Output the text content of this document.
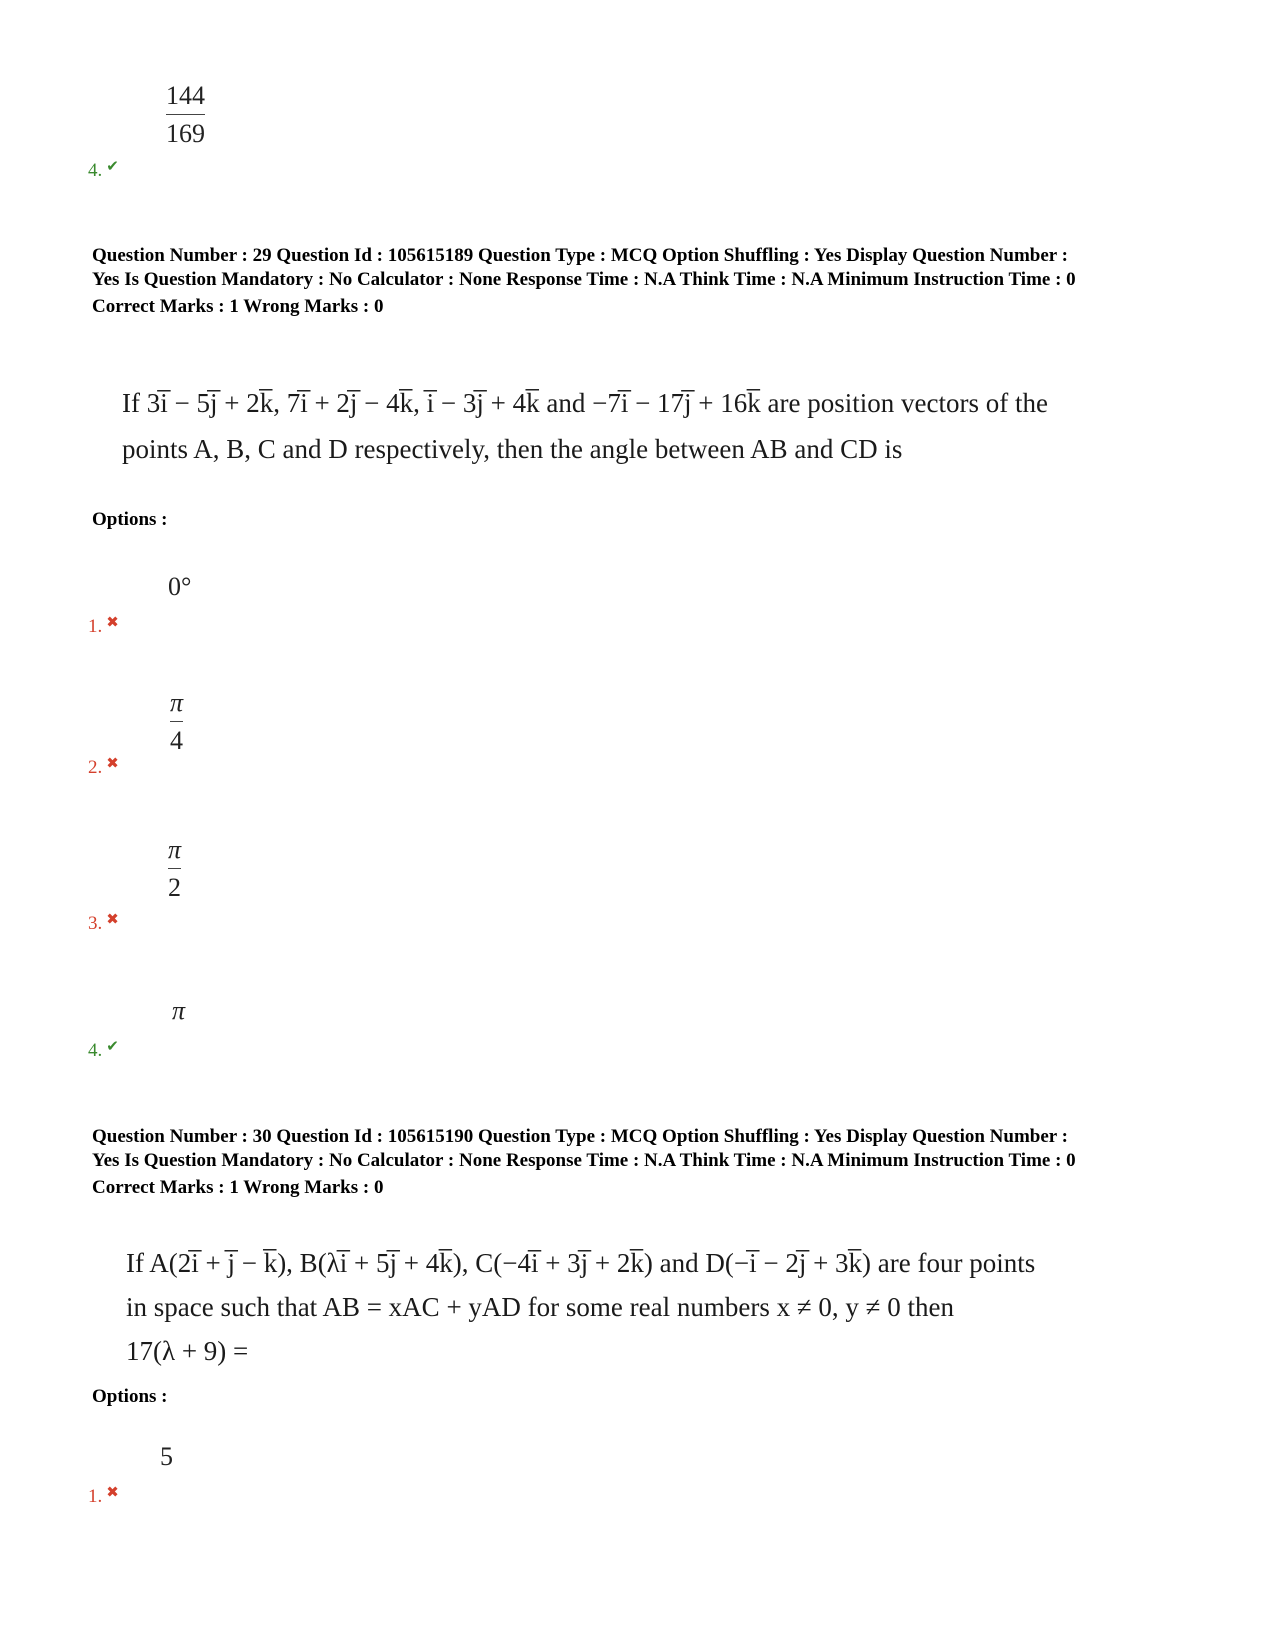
144
169
4. ✔
Question Number : 29 Question Id : 105615189 Question Type : MCQ Option Shuffling : Yes Display Question Number :
Yes Is Question Mandatory : No Calculator : None Response Time : N.A Think Time : N.A Minimum Instruction Time : 0
Correct Marks : 1 Wrong Marks : 0
If 3i̅ − 5j̅ + 2k̅, 7i̅ + 2j̅ − 4k̅, i̅ − 3j̅ + 4k̅ and −7i̅ − 17j̅ + 16k̅ are position vectors of the
points A, B, C and D respectively, then the angle between AB and CD is
Options :
0°
1. ✖
π
4
2. ✖
π
2
3. ✖
π
4. ✔
Question Number : 30 Question Id : 105615190 Question Type : MCQ Option Shuffling : Yes Display Question Number :
Yes Is Question Mandatory : No Calculator : None Response Time : N.A Think Time : N.A Minimum Instruction Time : 0
Correct Marks : 1 Wrong Marks : 0
If A(2i̅ + j̅ − k̅), B(λi̅ + 5j̅ + 4k̅), C(−4i̅ + 3j̅ + 2k̅) and D(−i̅ − 2j̅ + 3k̅) are four points
in space such that AB = xAC + yAD for some real numbers x ≠ 0, y ≠ 0 then
17(λ + 9) =
Options :
5
1. ✖
